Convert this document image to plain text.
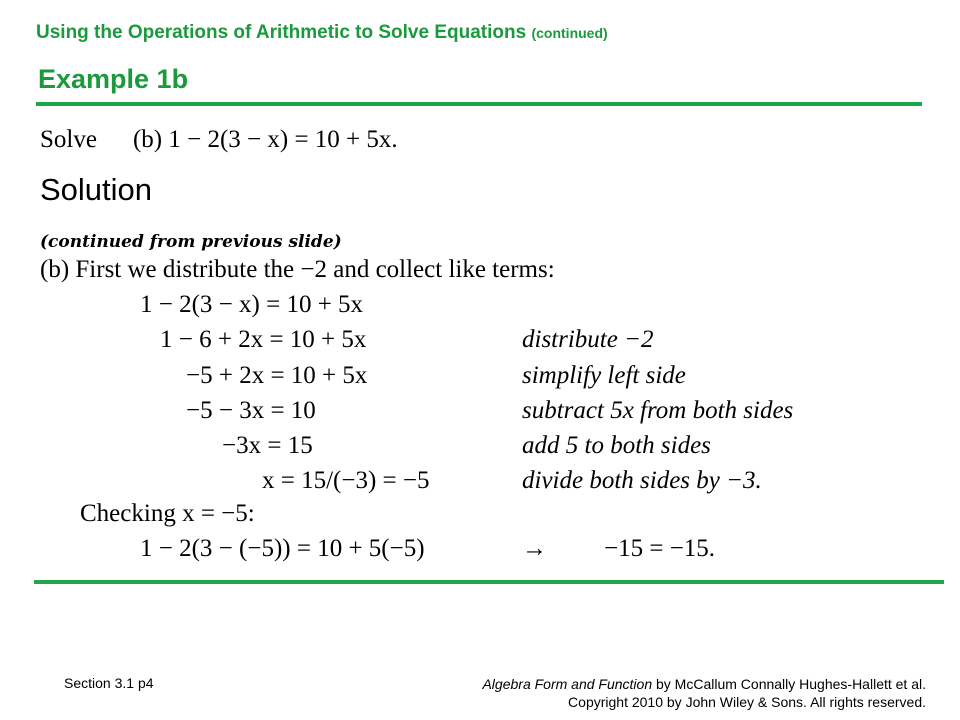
Using the Operations of Arithmetic to Solve Equations (continued)
Example 1b
Solve (b) 1 − 2(3 − x) = 10 + 5x.
Solution
(continued from previous slide)
(b) First we distribute the −2 and collect like terms:
1 − 2(3 − x) = 10 + 5x
1 − 6 + 2x = 10 + 5x	distribute −2
−5 + 2x = 10 + 5x	simplify left side
−5 − 3x = 10	subtract 5x from both sides
−3x = 15	add 5 to both sides
x = 15/(−3) = −5	divide both sides by −3.
Checking x = −5:
1 − 2(3 − (−5)) = 10 + 5(−5)	→ −15 = −15.
Section 3.1 p4	Algebra Form and Function by McCallum Connally Hughes-Hallett et al.
Copyright 2010 by John Wiley & Sons. All rights reserved.
